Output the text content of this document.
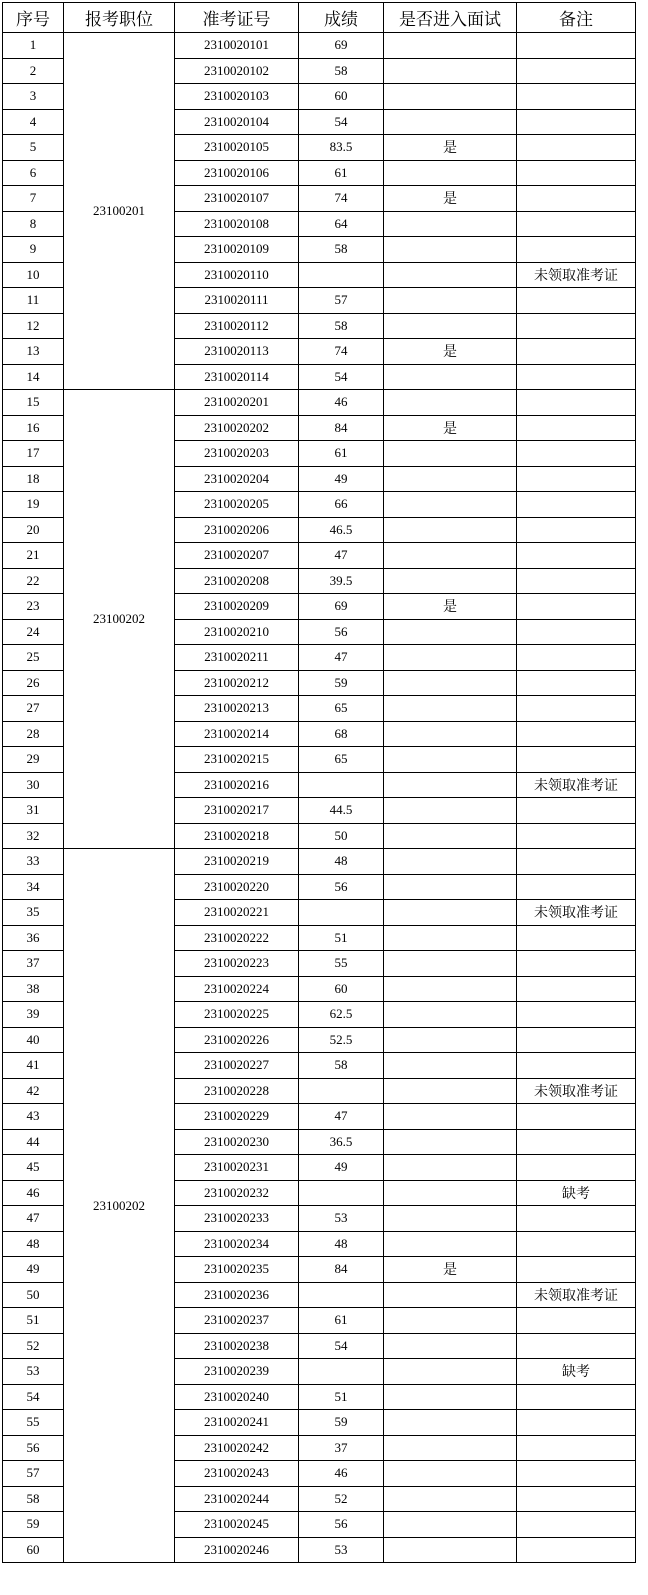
序号	报考职位	准考证号	成绩	是否进入面试	备注
1	23100201	2310020101	69		
2		2310020102	58		
3		2310020103	60		
4		2310020104	54		
5		2310020105	83.5	是	
6		2310020106	61		
7		2310020107	74	是	
8		2310020108	64		
9		2310020109	58		
10		2310020110			未领取准考证
11		2310020111	57		
12		2310020112	58		
13		2310020113	74	是	
14		2310020114	54		
15	23100202	2310020201	46		
16		2310020202	84	是	
17		2310020203	61		
18		2310020204	49		
19		2310020205	66		
20		2310020206	46.5		
21		2310020207	47		
22		2310020208	39.5		
23		2310020209	69	是	
24		2310020210	56		
25		2310020211	47		
26		2310020212	59		
27		2310020213	65		
28		2310020214	68		
29		2310020215	65		
30		2310020216			未领取准考证
31		2310020217	44.5		
32		2310020218	50		
33	23100202	2310020219	48		
34		2310020220	56		
35		2310020221			未领取准考证
36		2310020222	51		
37		2310020223	55		
38		2310020224	60		
39		2310020225	62.5		
40		2310020226	52.5		
41		2310020227	58		
42		2310020228			未领取准考证
43		2310020229	47		
44		2310020230	36.5		
45		2310020231	49		
46		2310020232			缺考
47		2310020233	53		
48		2310020234	48		
49		2310020235	84	是	
50		2310020236			未领取准考证
51		2310020237	61		
52		2310020238	54		
53		2310020239			缺考
54		2310020240	51		
55		2310020241	59		
56		2310020242	37		
57		2310020243	46		
58		2310020244	52		
59		2310020245	56		
60		2310020246	53		
